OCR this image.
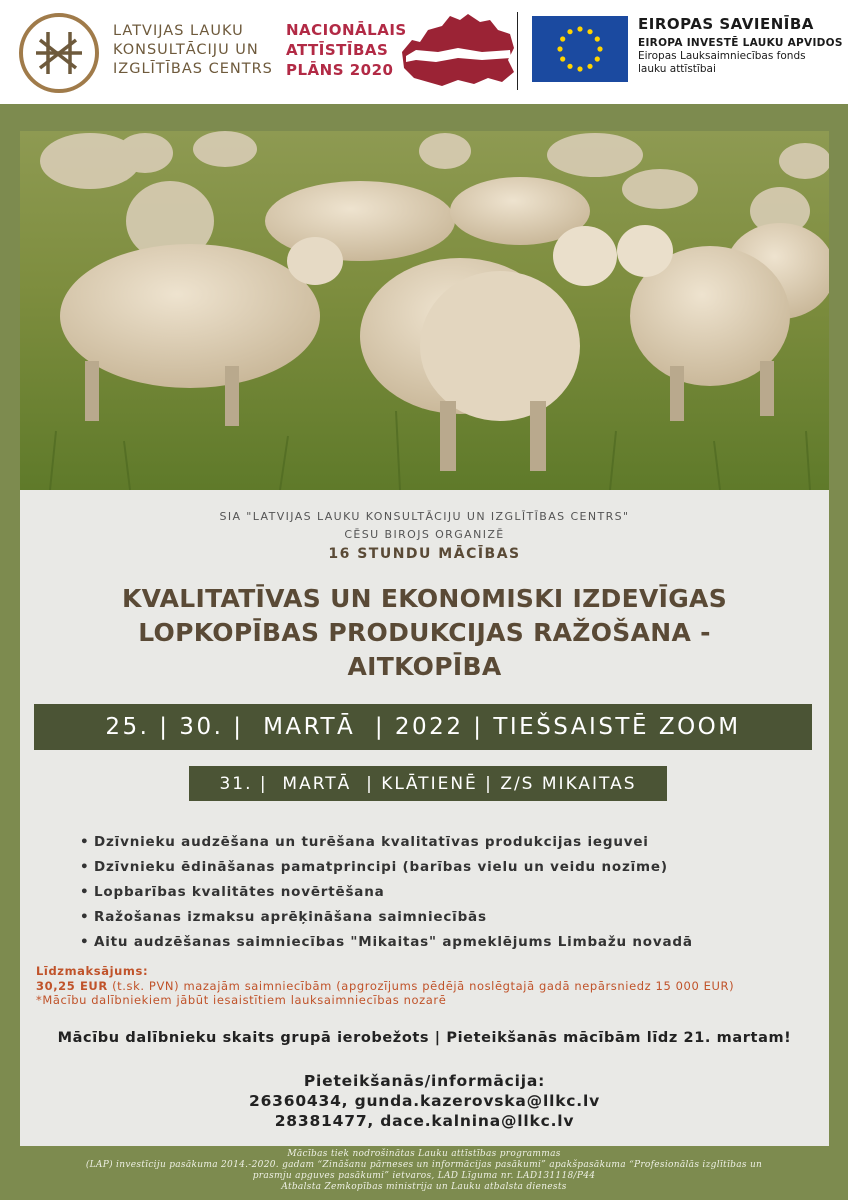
LATVIJAS LAUKU
KONSULTĀCIJU UN
IZGLĪTĪBAS CENTRS
NACIONĀLAIS
ATTĪSTĪBAS
PLĀNS 2020
EIROPAS SAVIENĪBA
EIROPA INVESTĒ LAUKU APVIDOS
Eiropas Lauksaimniecības fonds
lauku attīstībai
SIA "LATVIJAS LAUKU KONSULTĀCIJU UN IZGLĪTĪBAS CENTRS"
CĒSU BIROJS ORGANIZĒ
16 STUNDU MĀCĪBAS
KVALITATĪVAS UN EKONOMISKI IZDEVĪGAS
LOPKOPĪBAS PRODUKCIJAS RAŽOŠANA -
AITKOPĪBA
25. | 30. |  MARTĀ  | 2022 | TIEŠSAISTĒ ZOOM
31. |  MARTĀ  | KLĀTIENĒ | Z/S MIKAITAS
• Dzīvnieku audzēšana un turēšana kvalitatīvas produkcijas ieguvei
• Dzīvnieku ēdināšanas pamatprincipi (barības vielu un veidu nozīme)
• Lopbarības kvalitātes novērtēšana
• Ražošanas izmaksu aprēķināšana saimniecībās
• Aitu audzēšanas saimniecības "Mikaitas" apmeklējums Limbažu novadā
Līdzmaksājums:
30,25 EUR (t.sk. PVN) mazajām saimniecībām (apgrozījums pēdējā noslēgtajā gadā nepārsniedz 15 000 EUR)
*Mācību dalībniekiem jābūt iesaistītiem lauksaimniecības nozarē
Mācību dalībnieku skaits grupā ierobežots | Pieteikšanās mācībām līdz 21. martam!
Pieteikšanās/informācija:
26360434, gunda.kazerovska@llkc.lv
28381477, dace.kalnina@llkc.lv
Mācības tiek nodrošinātas Lauku attīstības programmas
(LAP) investīciju pasākuma 2014.-2020. gadam “Zināšanu pārneses un informācijas pasākumi” apakšpasākuma “Profesionālās izglītības un
prasmju apguves pasākumi” ietvaros, LAD Līguma nr. LAD131118/P44
Atbalsta Zemkopības ministrija un Lauku atbalsta dienests
